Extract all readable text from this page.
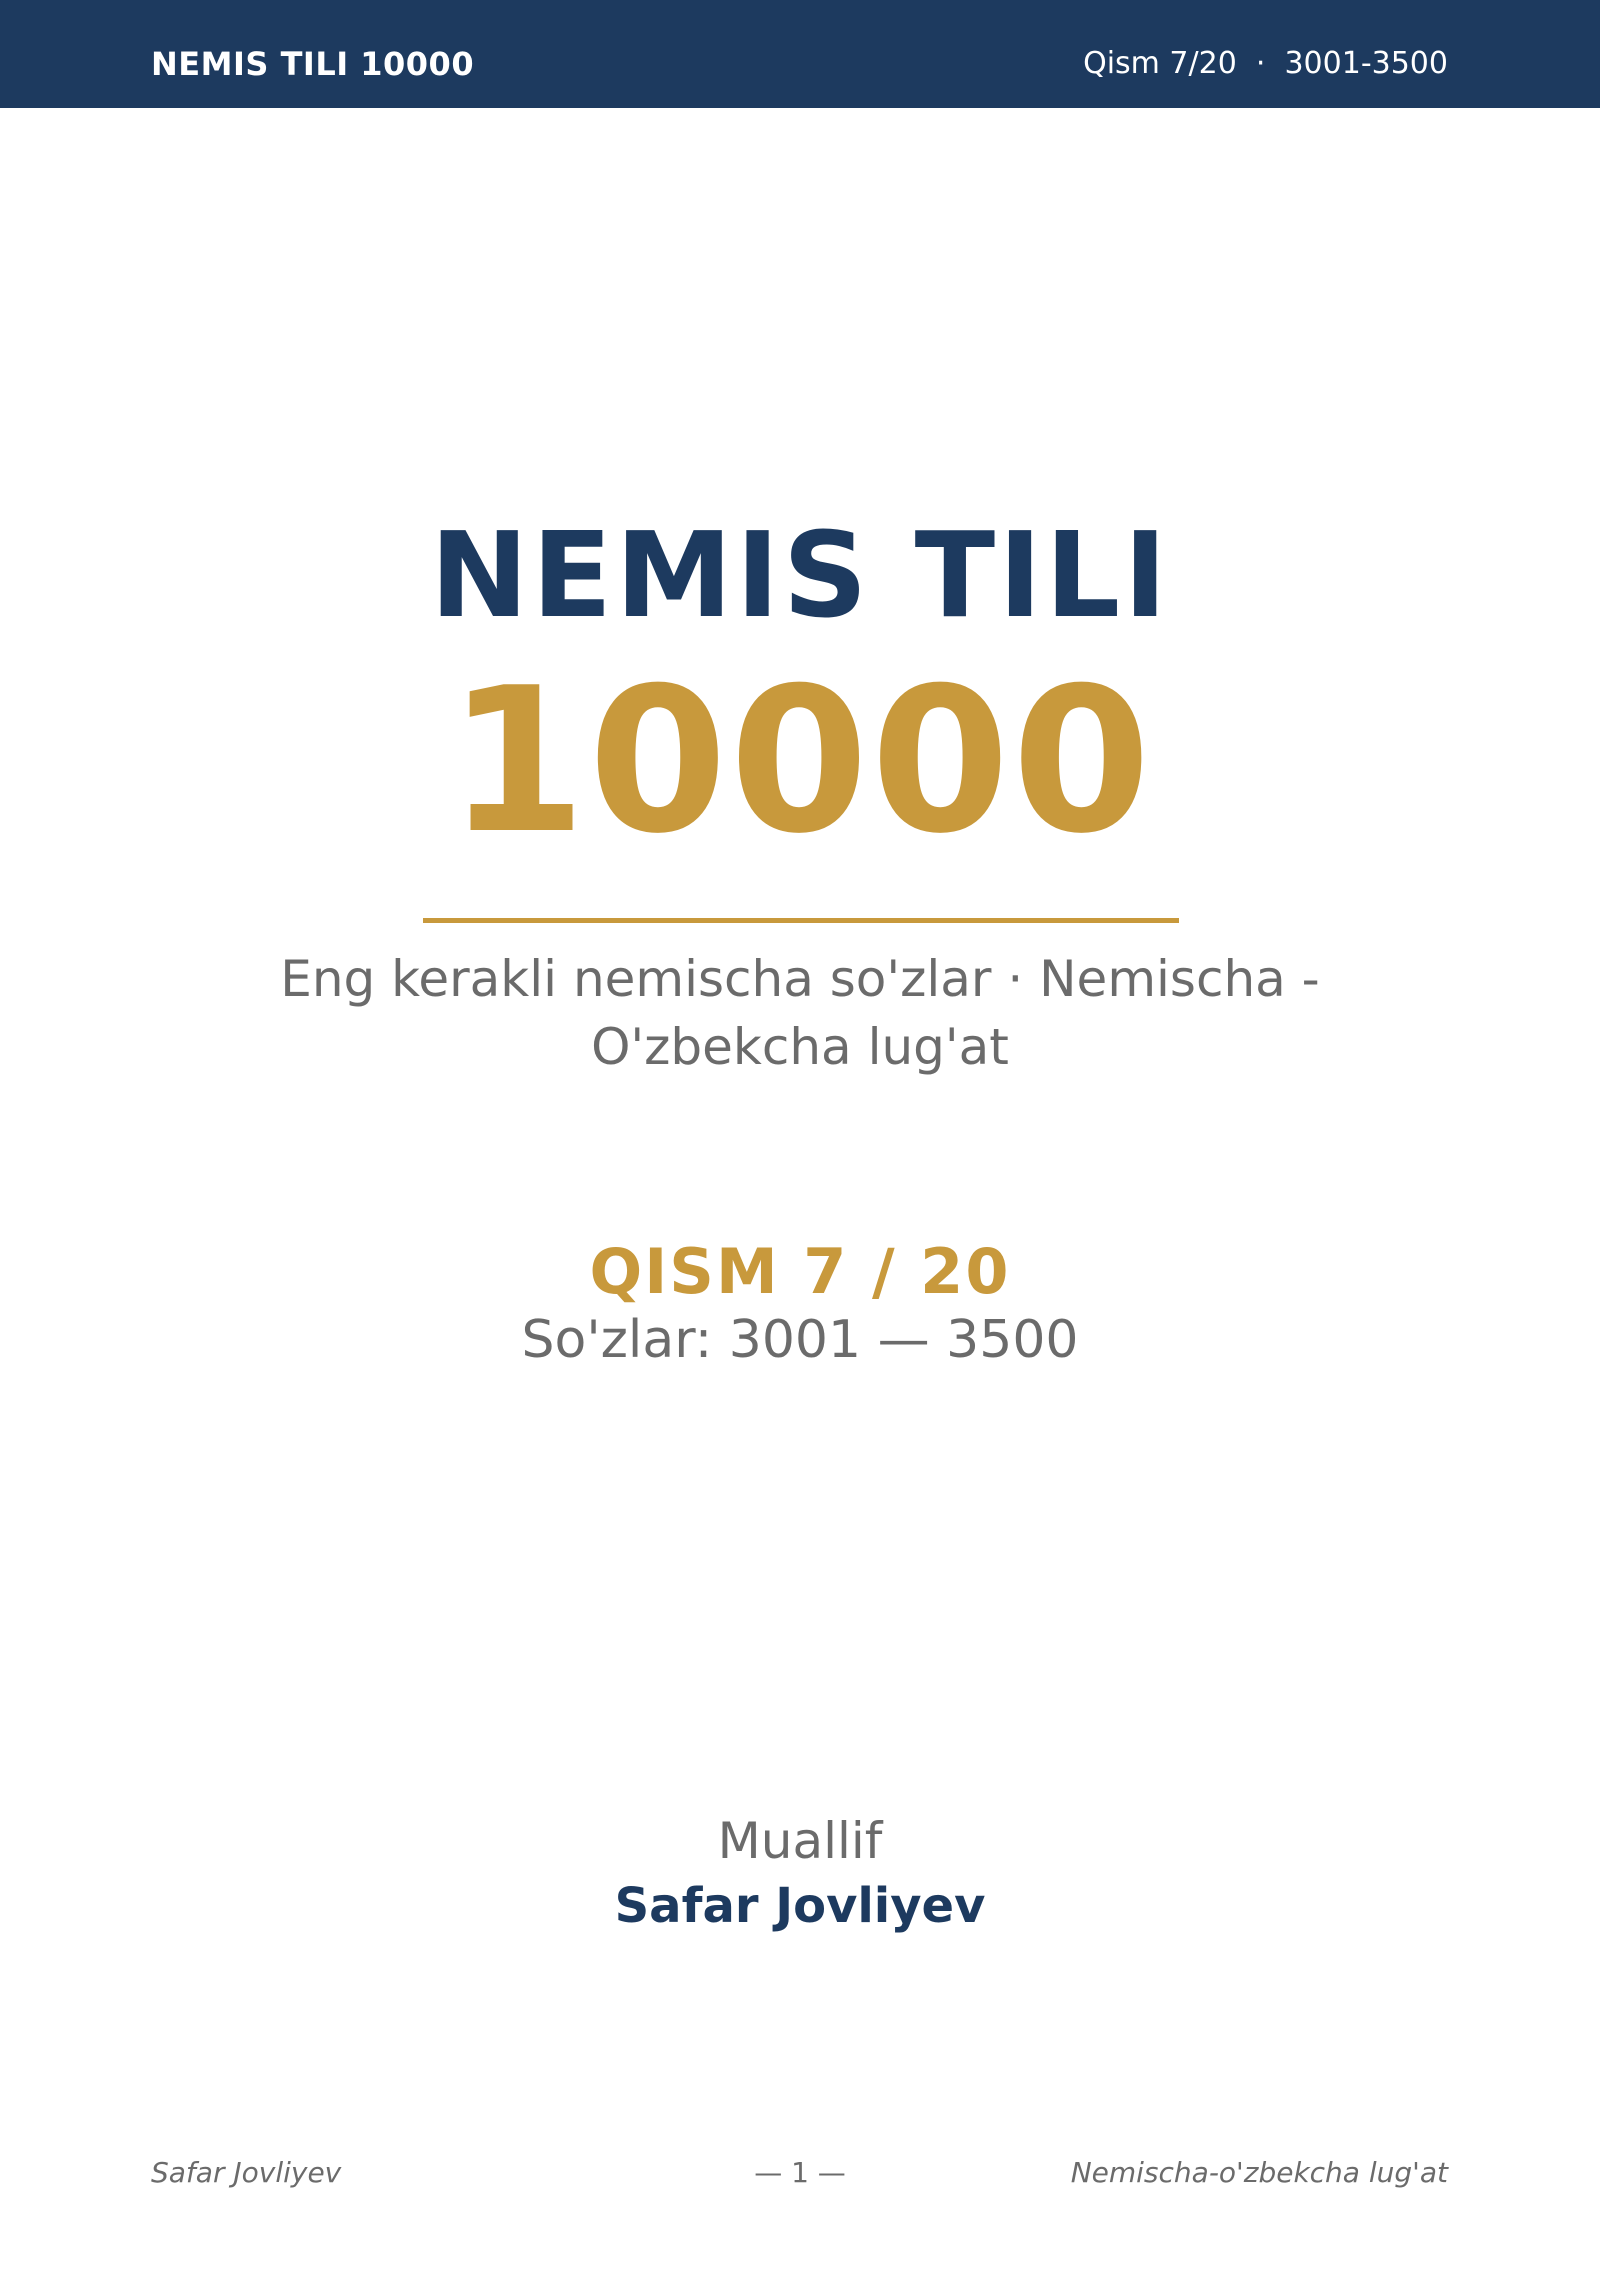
NEMIS TILI 10000	Qism 7/20  ·  3001-3500
NEMIS TILI
10000
Eng kerakli nemischa so'zlar · Nemischa - O'zbekcha lug'at
QISM 7 / 20
So'zlar: 3001 — 3500
Muallif
Safar Jovliyev
Safar Jovliyev	— 1 —	Nemischa-o'zbekcha lug'at
